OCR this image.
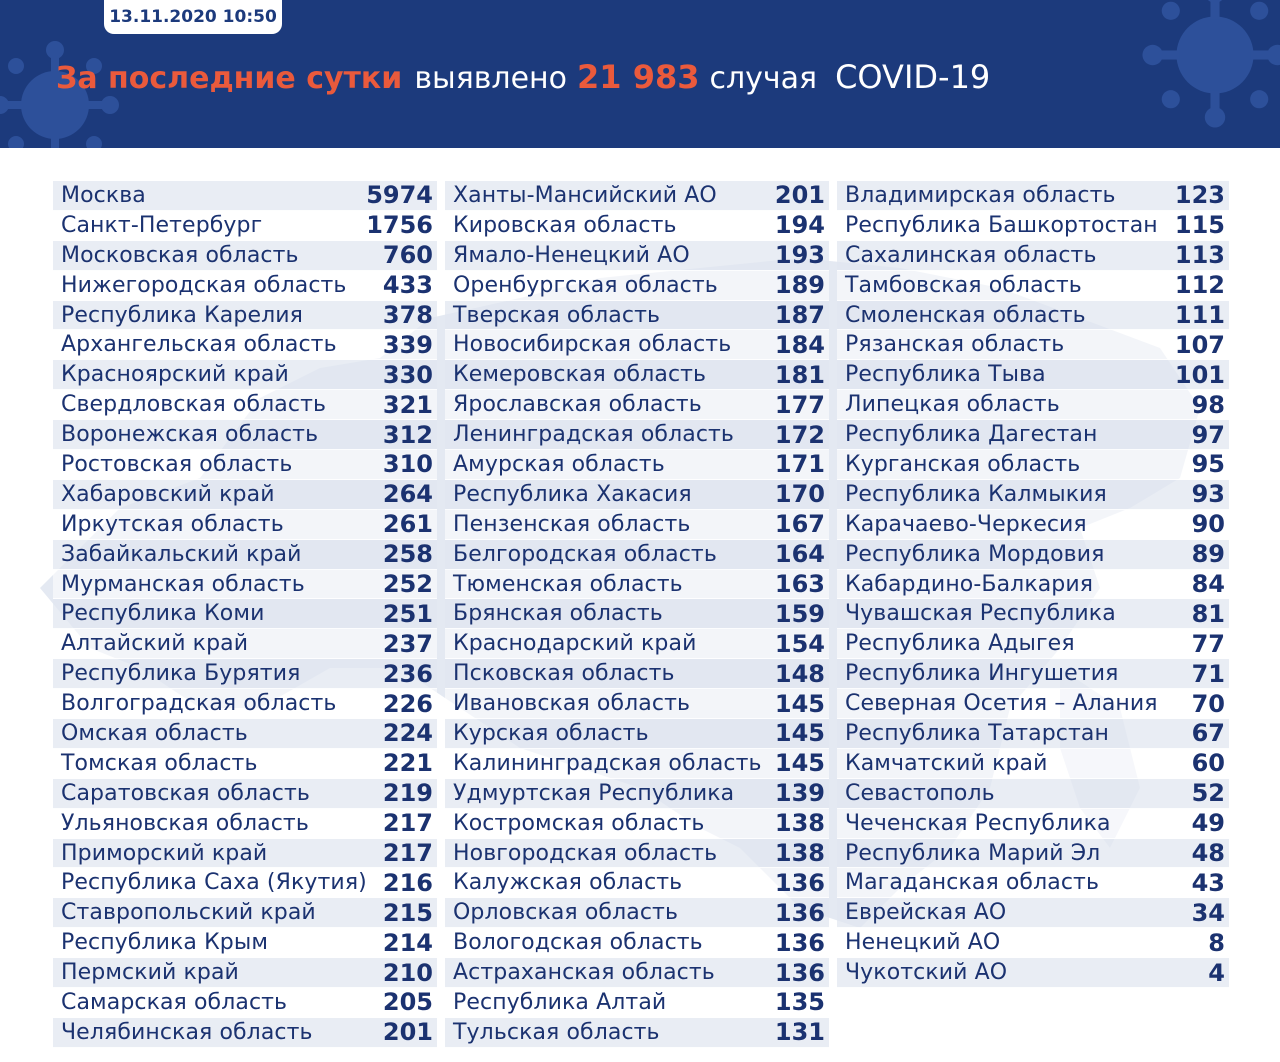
13.11.2020 10:50
За последние сутки выявлено 21 983 случая COVID-19
Москва	5974
Санкт-Петербург	1756
Московская область	760
Нижегородская область 433
Республика Карелия	378
Архангельская область 339
Красноярский край	330
Свердловская область 321
Воронежская область	312
Ростовская область	310
Хабаровский край	264
Иркутская область	261
Забайкальский край	258
Мурманская область	252
Республика Коми	251
Алтайский край	237
Республика Бурятия	236
Волгоградская область 226
Омская область	224
Томская область	221
Саратовская область	219
Ульяновская область	217
Приморский край	217
Республика Саха (Якутия) 216
Ставропольский край	215
Республика Крым	214
Пермский край	210
Самарская область	205
Челябинская область	201
Ханты-Мансийский АО 201
Кировская область	194
Ямало-Ненецкий АО	193
Оренбургская область 189
Тверская область	187
Новосибирская область 184
Кемеровская область	181
Ярославская область	177
Ленинградская область 172
Амурская область	171
Республика Хакасия	170
Пензенская область	167
Белгородская область 164
Тюменская область	163
Брянская область	159
Краснодарский край	154
Псковская область	148
Ивановская область	145
Курская область	145
Калининградская область 145
Удмуртская Республика 139
Костромская область	138
Новгородская область 138
Калужская область	136
Орловская область	136
Вологодская область	136
Астраханская область	136
Республика Алтай	135
Тульская область	131
Владимирская область 123
Республика Башкортостан 115
Сахалинская область	113
Тамбовская область	112
Смоленская область	111
Рязанская область	107
Республика Тыва	101
Липецкая область	98
Республика Дагестан	97
Курганская область	95
Республика Калмыкия	93
Карачаево-Черкесия	90
Республика Мордовия	89
Кабардино-Балкария	84
Чувашская Республика	81
Республика Адыгея	77
Республика Ингушетия	71
Северная Осетия – Алания 70
Республика Татарстан	67
Камчатский край	60
Севастополь	52
Чеченская Республика	49
Республика Марий Эл	48
Магаданская область	43
Еврейская АО	34
Ненецкий АО	8
Чукотский АО	4
